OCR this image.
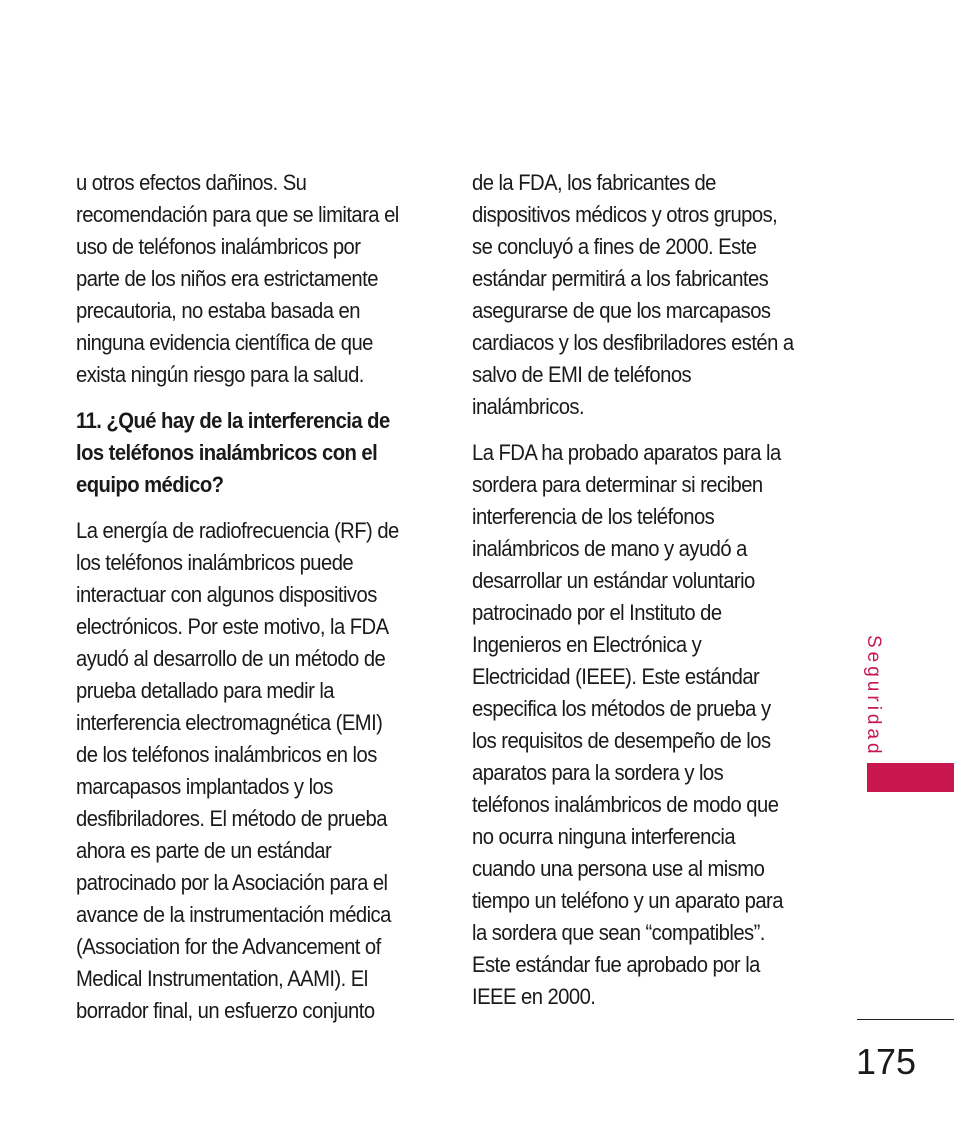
u otros efectos dañinos. Su
recomendación para que se limitara el
uso de teléfonos inalámbricos por
parte de los niños era estrictamente
precautoria, no estaba basada en
ninguna evidencia científica de que
exista ningún riesgo para la salud.
11. ¿Qué hay de la interferencia de
los teléfonos inalámbricos con el
equipo médico?
La energía de radiofrecuencia (RF) de
los teléfonos inalámbricos puede
interactuar con algunos dispositivos
electrónicos. Por este motivo, la FDA
ayudó al desarrollo de un método de
prueba detallado para medir la
interferencia electromagnética (EMI)
de los teléfonos inalámbricos en los
marcapasos implantados y los
desfibriladores. El método de prueba
ahora es parte de un estándar
patrocinado por la Asociación para el
avance de la instrumentación médica
(Association for the Advancement of
Medical Instrumentation, AAMI). El
borrador final, un esfuerzo conjunto
de la FDA, los fabricantes de
dispositivos médicos y otros grupos,
se concluyó a fines de 2000. Este
estándar permitirá a los fabricantes
asegurarse de que los marcapasos
cardiacos y los desfibriladores estén a
salvo de EMI de teléfonos
inalámbricos.
La FDA ha probado aparatos para la
sordera para determinar si reciben
interferencia de los teléfonos
inalámbricos de mano y ayudó a
desarrollar un estándar voluntario
patrocinado por el Instituto de
Ingenieros en Electrónica y
Electricidad (IEEE). Este estándar
especifica los métodos de prueba y
los requisitos de desempeño de los
aparatos para la sordera y los
teléfonos inalámbricos de modo que
no ocurra ninguna interferencia
cuando una persona use al mismo
tiempo un teléfono y un aparato para
la sordera que sean “compatibles”.
Este estándar fue aprobado por la
IEEE en 2000.
Seguridad
175
